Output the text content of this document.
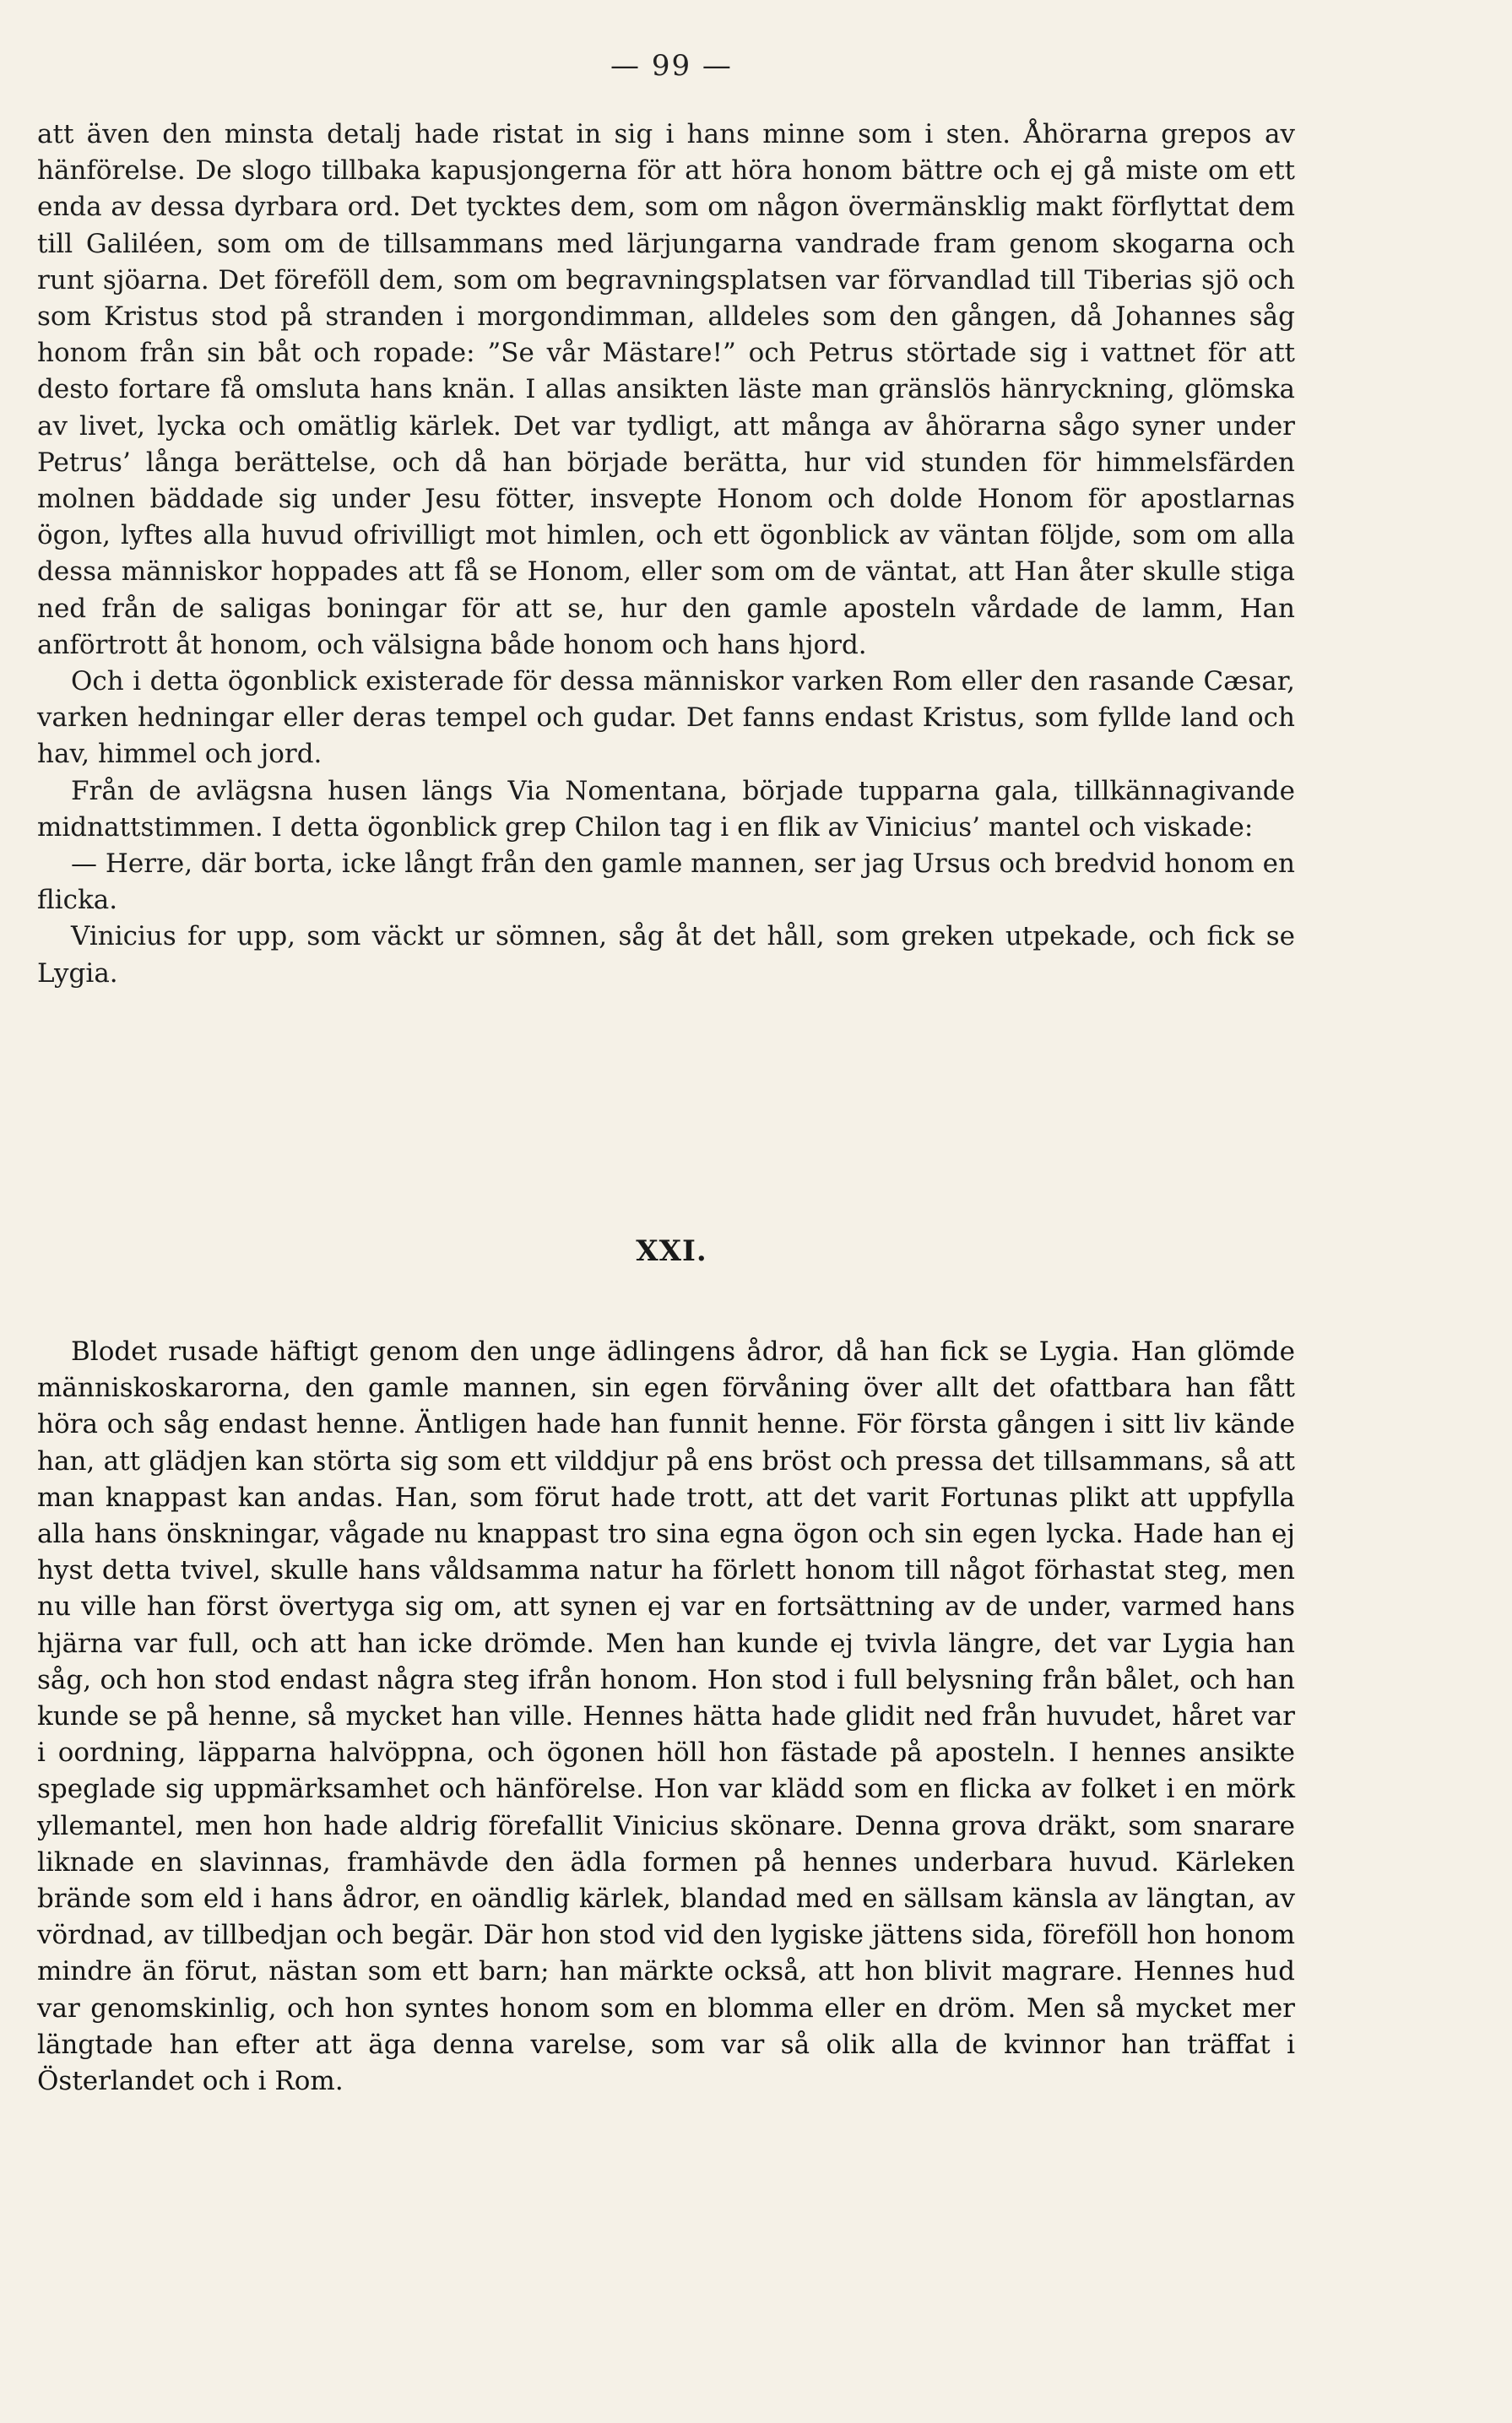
— 99 —

att även den minsta detalj hade ristat in sig i hans minne som i sten. Åhörarna grepos av hänförelse. De slogo tillbaka kapusjongerna för att höra honom bättre och ej gå miste om ett enda av dessa dyrbara ord. Det tycktes dem, som om någon övermänsklig makt förflyttat dem till Galiléen, som om de tillsammans med lärjungarna vandrade fram genom skogarna och runt sjöarna. Det föreföll dem, som om begravningsplatsen var förvandlad till Tiberias sjö och som Kristus stod på stranden i morgondimman, alldeles som den gången, då Johannes såg honom från sin båt och ropade: ”Se vår Mästare!” och Petrus störtade sig i vattnet för att desto fortare få omsluta hans knän. I allas ansikten läste man gränslös hänryckning, glömska av livet, lycka och omätlig kärlek. Det var tydligt, att många av åhörarna sågo syner under Petrus’ långa berättelse, och då han började berätta, hur vid stunden för himmelsfärden molnen bäddade sig under Jesu fötter, insvepte Honom och dolde Honom för apostlarnas ögon, lyftes alla huvud ofrivilligt mot himlen, och ett ögonblick av väntan följde, som om alla dessa människor hoppades att få se Honom, eller som om de väntat, att Han åter skulle stiga ned från de saligas boningar för att se, hur den gamle aposteln vårdade de lamm, Han anförtrott åt honom, och välsigna både honom och hans hjord.

Och i detta ögonblick existerade för dessa människor varken Rom eller den rasande Cæsar, varken hedningar eller deras tempel och gudar. Det fanns endast Kristus, som fyllde land och hav, himmel och jord.

Från de avlägsna husen längs Via Nomentana, började tupparna gala, tillkännagivande midnattstimmen. I detta ögonblick grep Chilon tag i en flik av Vinicius’ mantel och viskade:

— Herre, där borta, icke långt från den gamle mannen, ser jag Ursus och bredvid honom en flicka.

Vinicius for upp, som väckt ur sömnen, såg åt det håll, som greken utpekade, och fick se Lygia.

XXI.

Blodet rusade häftigt genom den unge ädlingens ådror, då han fick se Lygia. Han glömde människoskarorna, den gamle mannen, sin egen förvåning över allt det ofattbara han fått höra och såg endast henne. Äntligen hade han funnit henne. För första gången i sitt liv kände han, att glädjen kan störta sig som ett vilddjur på ens bröst och pressa det tillsammans, så att man knappast kan andas. Han, som förut hade trott, att det varit Fortunas plikt att uppfylla alla hans önskningar, vågade nu knappast tro sina egna ögon och sin egen lycka. Hade han ej hyst detta tvivel, skulle hans våldsamma natur ha förlett honom till något förhastat steg, men nu ville han först övertyga sig om, att synen ej var en fortsättning av de under, varmed hans hjärna var full, och att han icke drömde. Men han kunde ej tvivla längre, det var Lygia han såg, och hon stod endast några steg ifrån honom. Hon stod i full belysning från bålet, och han kunde se på henne, så mycket han ville. Hennes hätta hade glidit ned från huvudet, håret var i oordning, läpparna halvöppna, och ögonen höll hon fästade på aposteln. I hennes ansikte speglade sig uppmärksamhet och hänförelse. Hon var klädd som en flicka av folket i en mörk yllemantel, men hon hade aldrig förefallit Vinicius skönare. Denna grova dräkt, som snarare liknade en slavinnas, framhävde den ädla formen på hennes underbara huvud. Kärleken brände som eld i hans ådror, en oändlig kärlek, blandad med en sällsam känsla av längtan, av vördnad, av tillbedjan och begär. Där hon stod vid den lygiske jättens sida, föreföll hon honom mindre än förut, nästan som ett barn; han märkte också, att hon blivit magrare. Hennes hud var genomskinlig, och hon syntes honom som en blomma eller en dröm. Men så mycket mer längtade han efter att äga denna varelse, som var så olik alla de kvinnor han träffat i Österlandet och i Rom.
